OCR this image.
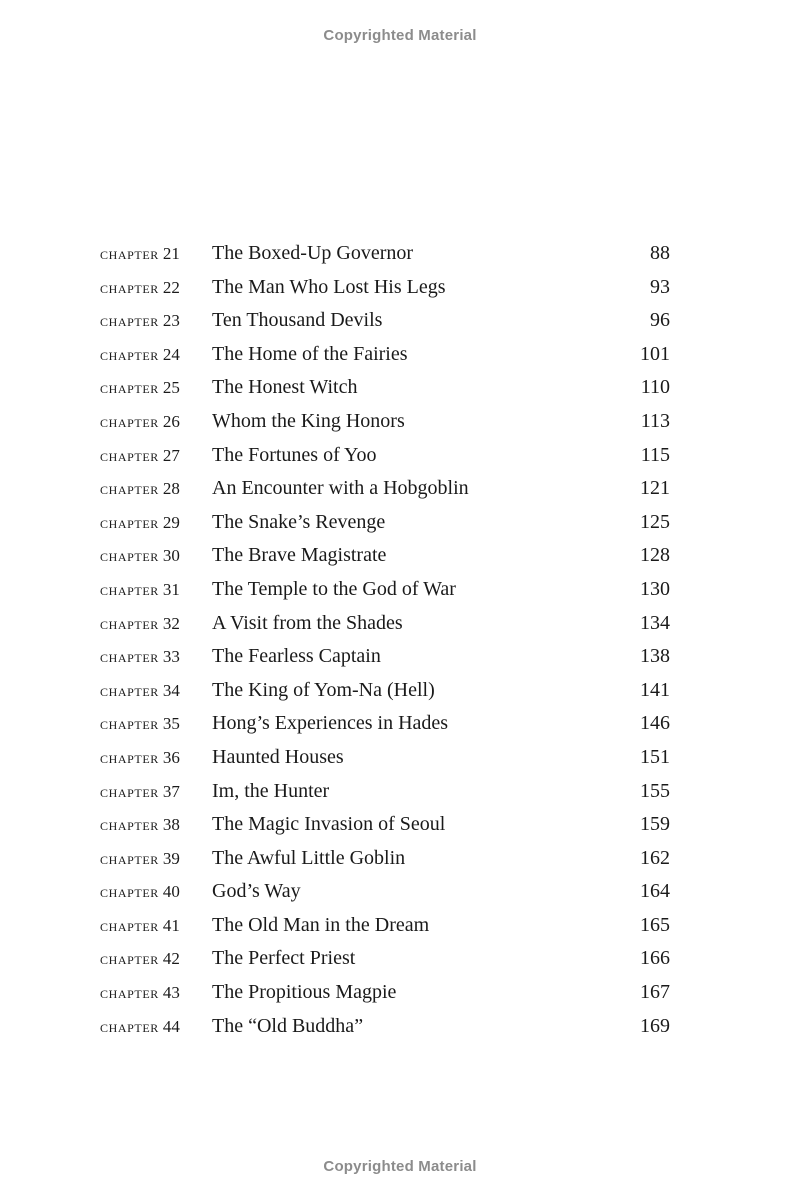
Copyrighted Material
chapter 21	The Boxed-Up Governor	88
chapter 22	The Man Who Lost His Legs	93
chapter 23	Ten Thousand Devils	96
chapter 24	The Home of the Fairies	101
chapter 25	The Honest Witch	110
chapter 26	Whom the King Honors	113
chapter 27	The Fortunes of Yoo	115
chapter 28	An Encounter with a Hobgoblin	121
chapter 29	The Snake’s Revenge	125
chapter 30	The Brave Magistrate	128
chapter 31	The Temple to the God of War	130
chapter 32	A Visit from the Shades	134
chapter 33	The Fearless Captain	138
chapter 34	The King of Yom-Na (Hell)	141
chapter 35	Hong’s Experiences in Hades	146
chapter 36	Haunted Houses	151
chapter 37	Im, the Hunter	155
chapter 38	The Magic Invasion of Seoul	159
chapter 39	The Awful Little Goblin	162
chapter 40	God’s Way	164
chapter 41	The Old Man in the Dream	165
chapter 42	The Perfect Priest	166
chapter 43	The Propitious Magpie	167
chapter 44	The “Old Buddha”	169
Copyrighted Material
